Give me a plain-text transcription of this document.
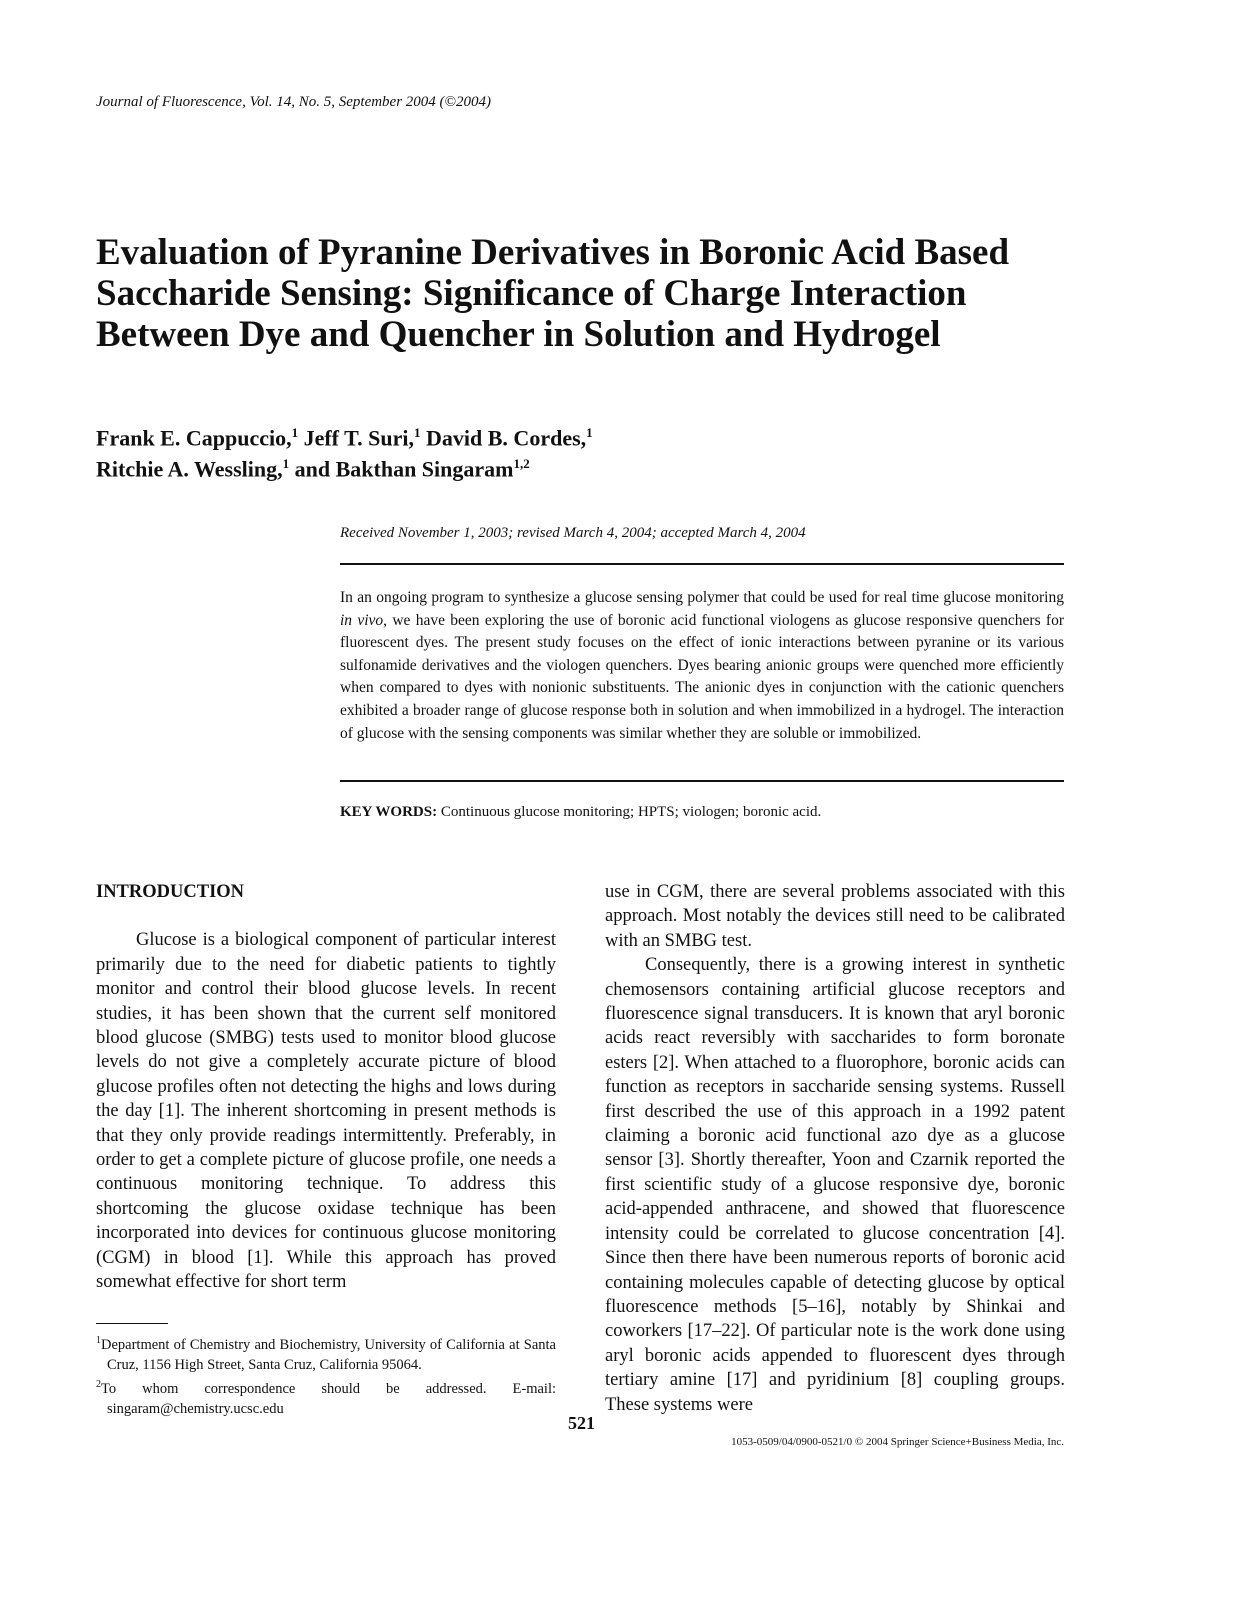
Journal of Fluorescence, Vol. 14, No. 5, September 2004 (©2004)
Evaluation of Pyranine Derivatives in Boronic Acid Based Saccharide Sensing: Significance of Charge Interaction Between Dye and Quencher in Solution and Hydrogel
Frank E. Cappuccio,$^1$ Jeff T. Suri,$^1$ David B. Cordes,$^1$
Ritchie A. Wessling,$^1$ and Bakthan Singaram$^{1,2}$
Received November 1, 2003; revised March 4, 2004; accepted March 4, 2004
In an ongoing program to synthesize a glucose sensing polymer that could be used for real time glucose monitoring in vivo, we have been exploring the use of boronic acid functional viologens as glucose responsive quenchers for fluorescent dyes. The present study focuses on the effect of ionic interactions between pyranine or its various sulfonamide derivatives and the viologen quenchers. Dyes bearing anionic groups were quenched more efficiently when compared to dyes with nonionic substituents. The anionic dyes in conjunction with the cationic quenchers exhibited a broader range of glucose response both in solution and when immobilized in a hydrogel. The interaction of glucose with the sensing components was similar whether they are soluble or immobilized.
KEY WORDS: Continuous glucose monitoring; HPTS; viologen; boronic acid.
INTRODUCTION

Glucose is a biological component of particular interest primarily due to the need for diabetic patients to tightly monitor and control their blood glucose levels. In recent studies, it has been shown that the current self monitored blood glucose (SMBG) tests used to monitor blood glucose levels do not give a completely accurate picture of blood glucose profiles often not detecting the highs and lows during the day [1]. The inherent shortcoming in present methods is that they only provide readings intermittently. Preferably, in order to get a complete picture of glucose profile, one needs a continuous monitoring technique. To address this shortcoming the glucose oxidase technique has been incorporated into devices for continuous glucose monitoring (CGM) in blood [1]. While this approach has proved somewhat effective for short term

use in CGM, there are several problems associated with this approach. Most notably the devices still need to be calibrated with an SMBG test.

Consequently, there is a growing interest in synthetic chemosensors containing artificial glucose receptors and fluorescence signal transducers. It is known that aryl boronic acids react reversibly with saccharides to form boronate esters [2]. When attached to a fluorophore, boronic acids can function as receptors in saccharide sensing systems. Russell first described the use of this approach in a 1992 patent claiming a boronic acid functional azo dye as a glucose sensor [3]. Shortly thereafter, Yoon and Czarnik reported the first scientific study of a glucose responsive dye, boronic acid-appended anthracene, and showed that fluorescence intensity could be correlated to glucose concentration [4]. Since then there have been numerous reports of boronic acid containing molecules capable of detecting glucose by optical fluorescence methods [5–16], notably by Shinkai and coworkers [17–22]. Of particular note is the work done using aryl boronic acids appended to fluorescent dyes through tertiary amine [17] and pyridinium [8] coupling groups. These systems were

$^1$Department of Chemistry and Biochemistry, University of California at Santa Cruz, 1156 High Street, Santa Cruz, California 95064.
$^2$To whom correspondence should be addressed. E-mail: singaram@chemistry.ucsc.edu
521
1053-0509/04/0900-0521/0 © 2004 Springer Science+Business Media, Inc.
